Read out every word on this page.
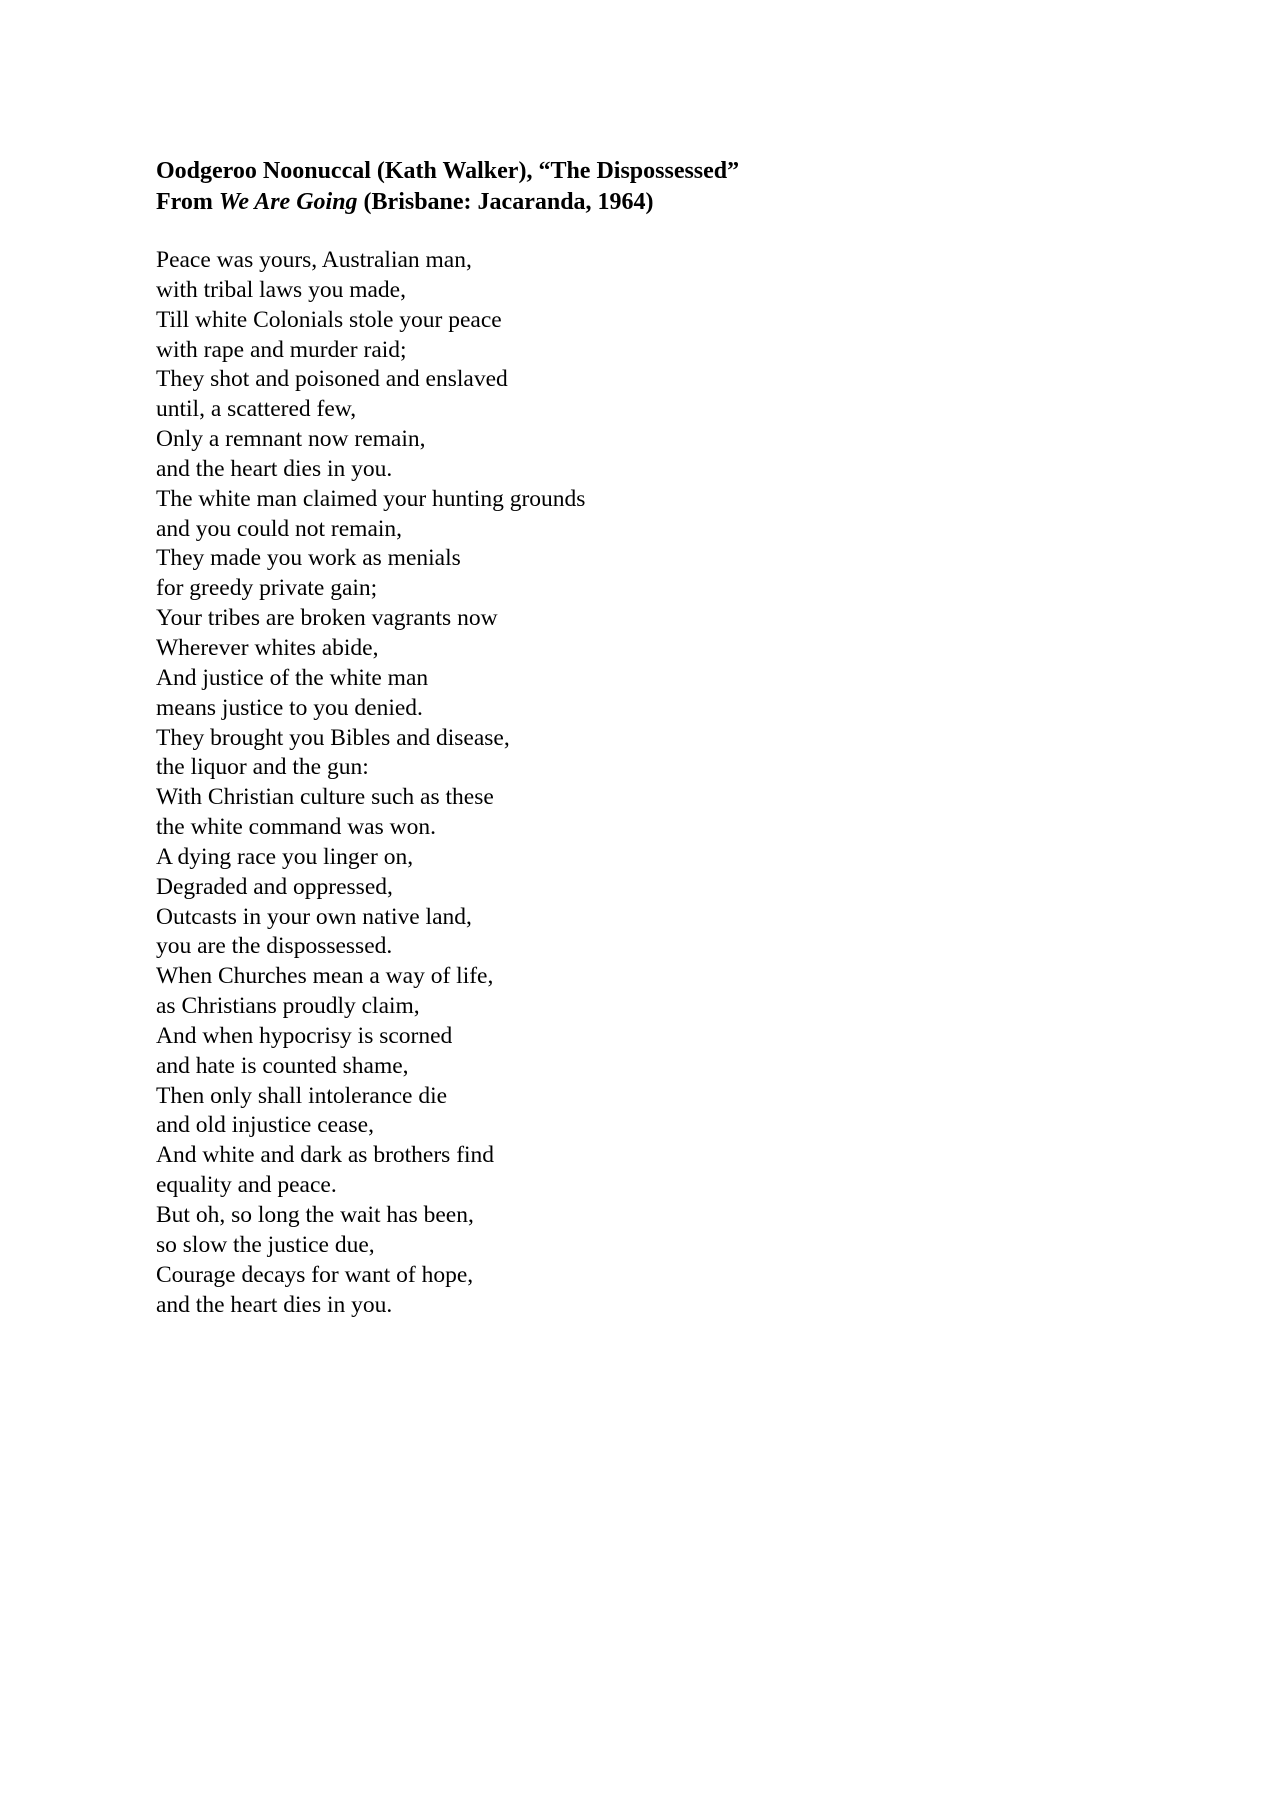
Oodgeroo Noonuccal (Kath Walker), “The Dispossessed”
From We Are Going (Brisbane: Jacaranda, 1964)
Peace was yours, Australian man,
with tribal laws you made,
Till white Colonials stole your peace
with rape and murder raid;
They shot and poisoned and enslaved
until, a scattered few,
Only a remnant now remain,
and the heart dies in you.
The white man claimed your hunting grounds
and you could not remain,
They made you work as menials
for greedy private gain;
Your tribes are broken vagrants now
Wherever whites abide,
And justice of the white man
means justice to you denied.
They brought you Bibles and disease,
the liquor and the gun:
With Christian culture such as these
the white command was won.
A dying race you linger on,
Degraded and oppressed,
Outcasts in your own native land,
you are the dispossessed.
When Churches mean a way of life,
as Christians proudly claim,
And when hypocrisy is scorned
and hate is counted shame,
Then only shall intolerance die
and old injustice cease,
And white and dark as brothers find
equality and peace.
But oh, so long the wait has been,
so slow the justice due,
Courage decays for want of hope,
and the heart dies in you.
